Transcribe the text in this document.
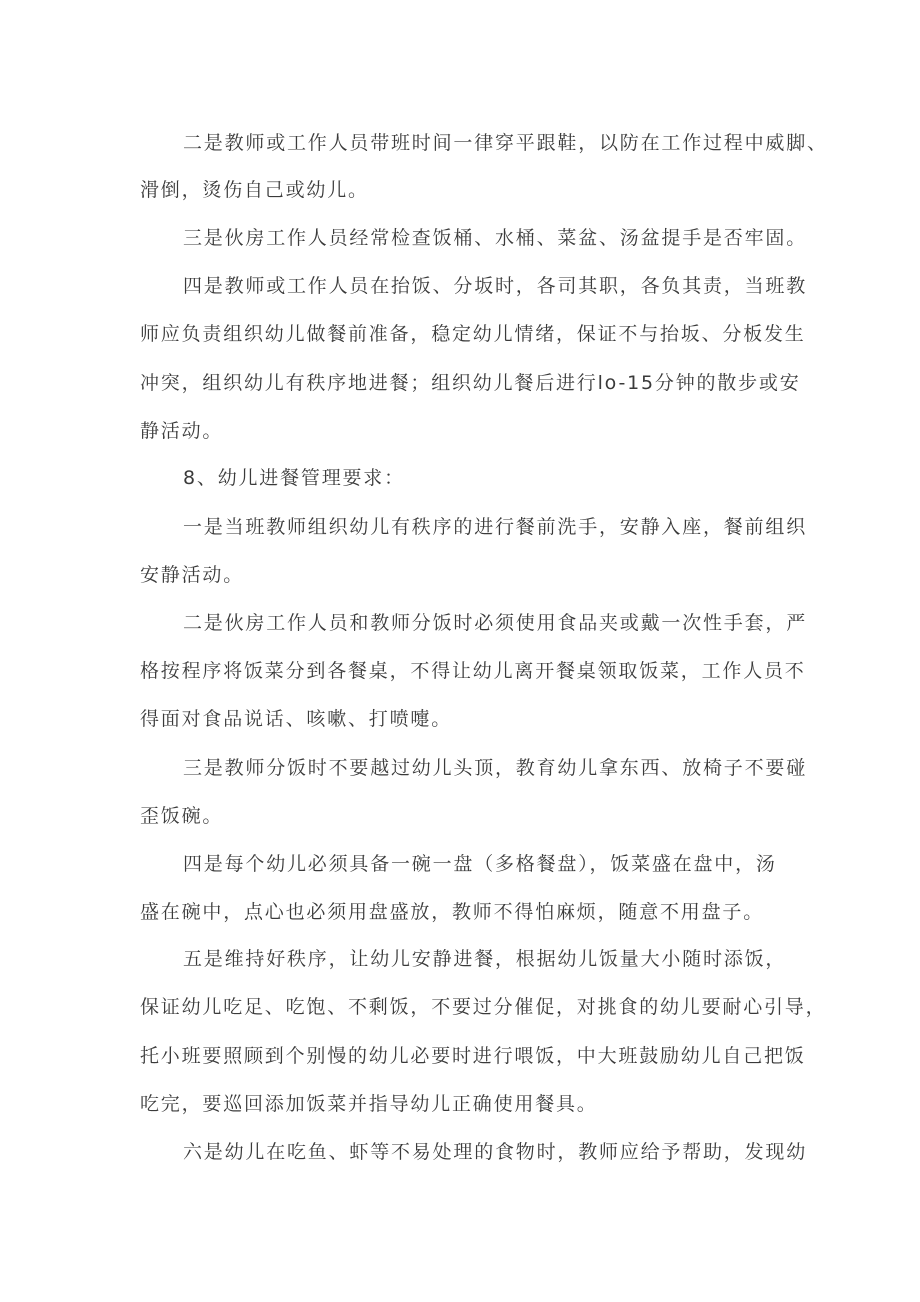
二是教师或工作人员带班时间一律穿平跟鞋，以防在工作过程中威脚、

滑倒，烫伤自己或幼儿。

三是伙房工作人员经常检查饭桶、水桶、菜盆、汤盆提手是否牢固。

四是教师或工作人员在抬饭、分坂时，各司其职，各负其责，当班教

师应负责组织幼儿做餐前准备，稳定幼儿情绪，保证不与抬坂、分板发生

冲突，组织幼儿有秩序地进餐；组织幼儿餐后进行lo-15分钟的散步或安

静活动。

8、幼儿进餐管理要求：

一是当班教师组织幼儿有秩序的进行餐前洗手，安静入座，餐前组织

安静活动。

二是伙房工作人员和教师分饭时必须使用食品夹或戴一次性手套，严

格按程序将饭菜分到各餐桌，不得让幼儿离开餐桌领取饭菜，工作人员不

得面对食品说话、咳嗽、打喷嚏。

三是教师分饭时不要越过幼儿头顶，教育幼儿拿东西、放椅子不要碰

歪饭碗。

四是每个幼儿必须具备一碗一盘（多格餐盘），饭菜盛在盘中，汤

盛在碗中，点心也必须用盘盛放，教师不得怕麻烦，随意不用盘子。

五是维持好秩序，让幼儿安静进餐，根据幼儿饭量大小随时添饭，

保证幼儿吃足、吃饱、不剩饭，不要过分催促，对挑食的幼儿要耐心引导，

托小班要照顾到个别慢的幼儿必要时进行喂饭，中大班鼓励幼儿自己把饭

吃完，要巡回添加饭菜并指导幼儿正确使用餐具。

六是幼儿在吃鱼、虾等不易处理的食物时，教师应给予帮助，发现幼
